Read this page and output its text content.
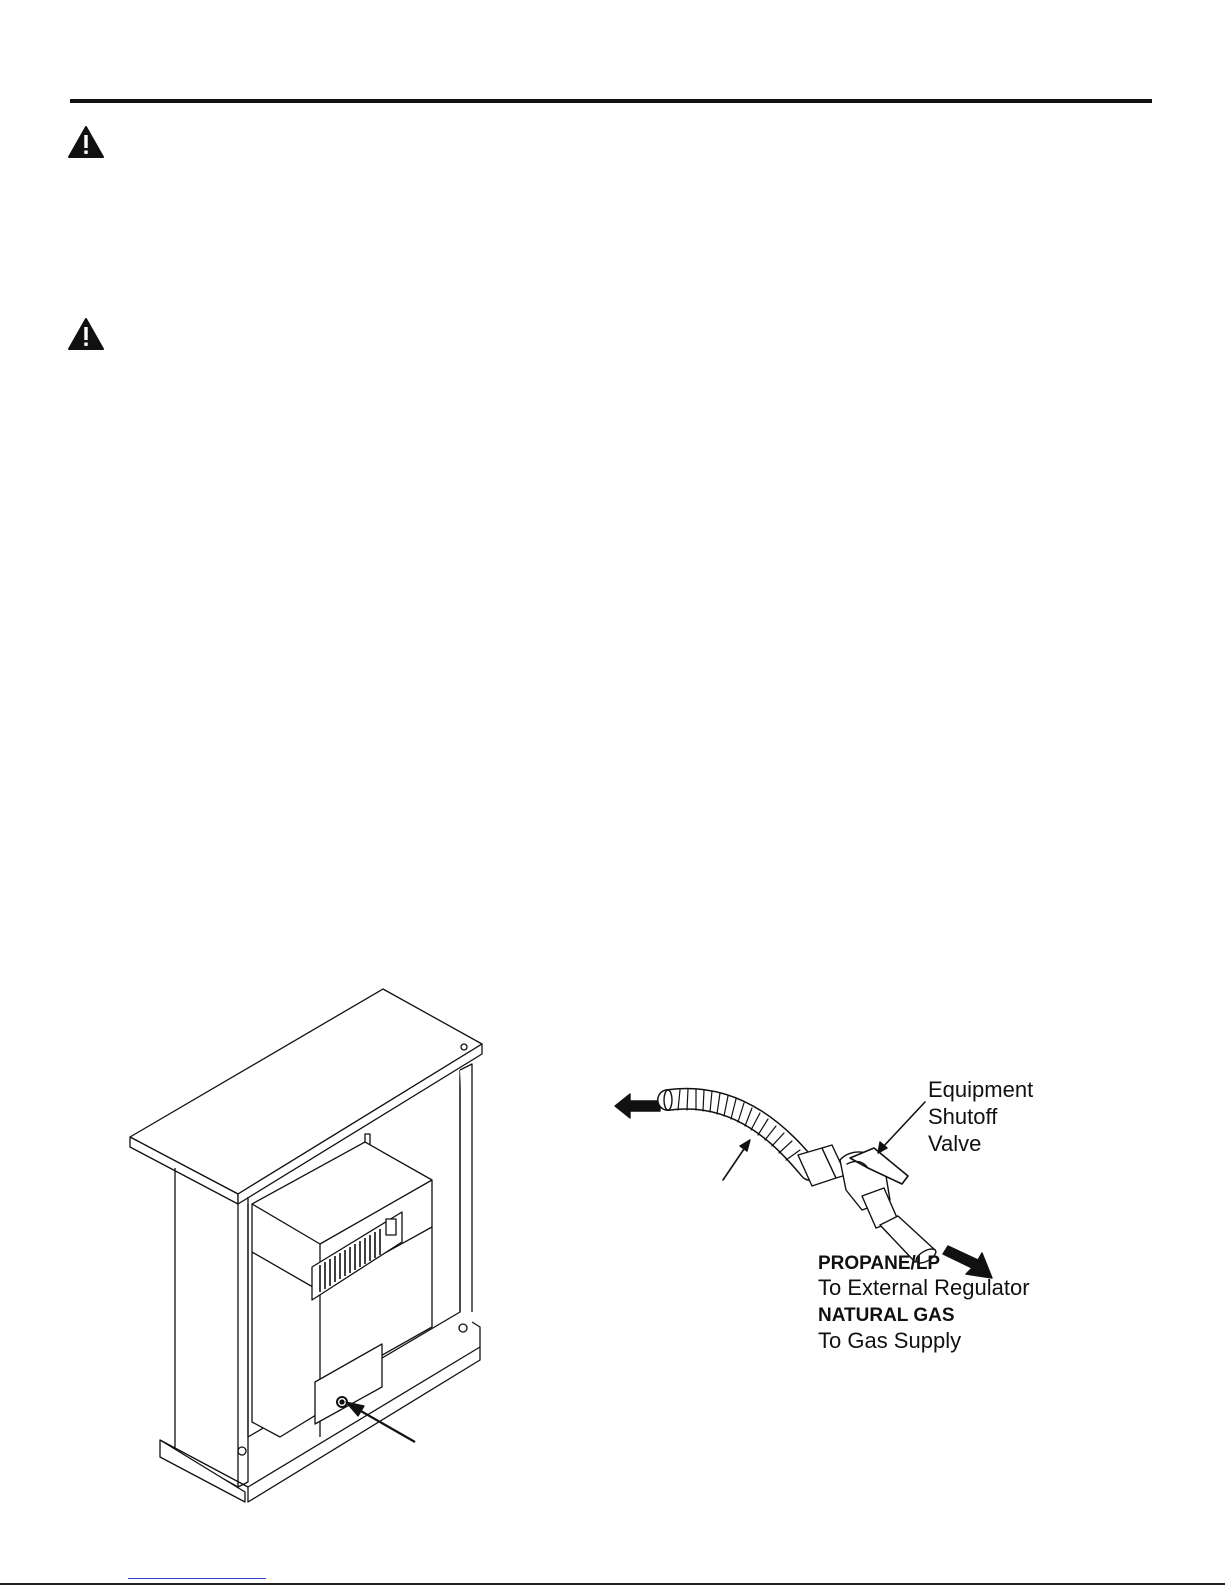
Equipment
Shutoff
Valve
PROPANE/LP
To External Regulator
NATURAL GAS
To Gas Supply
